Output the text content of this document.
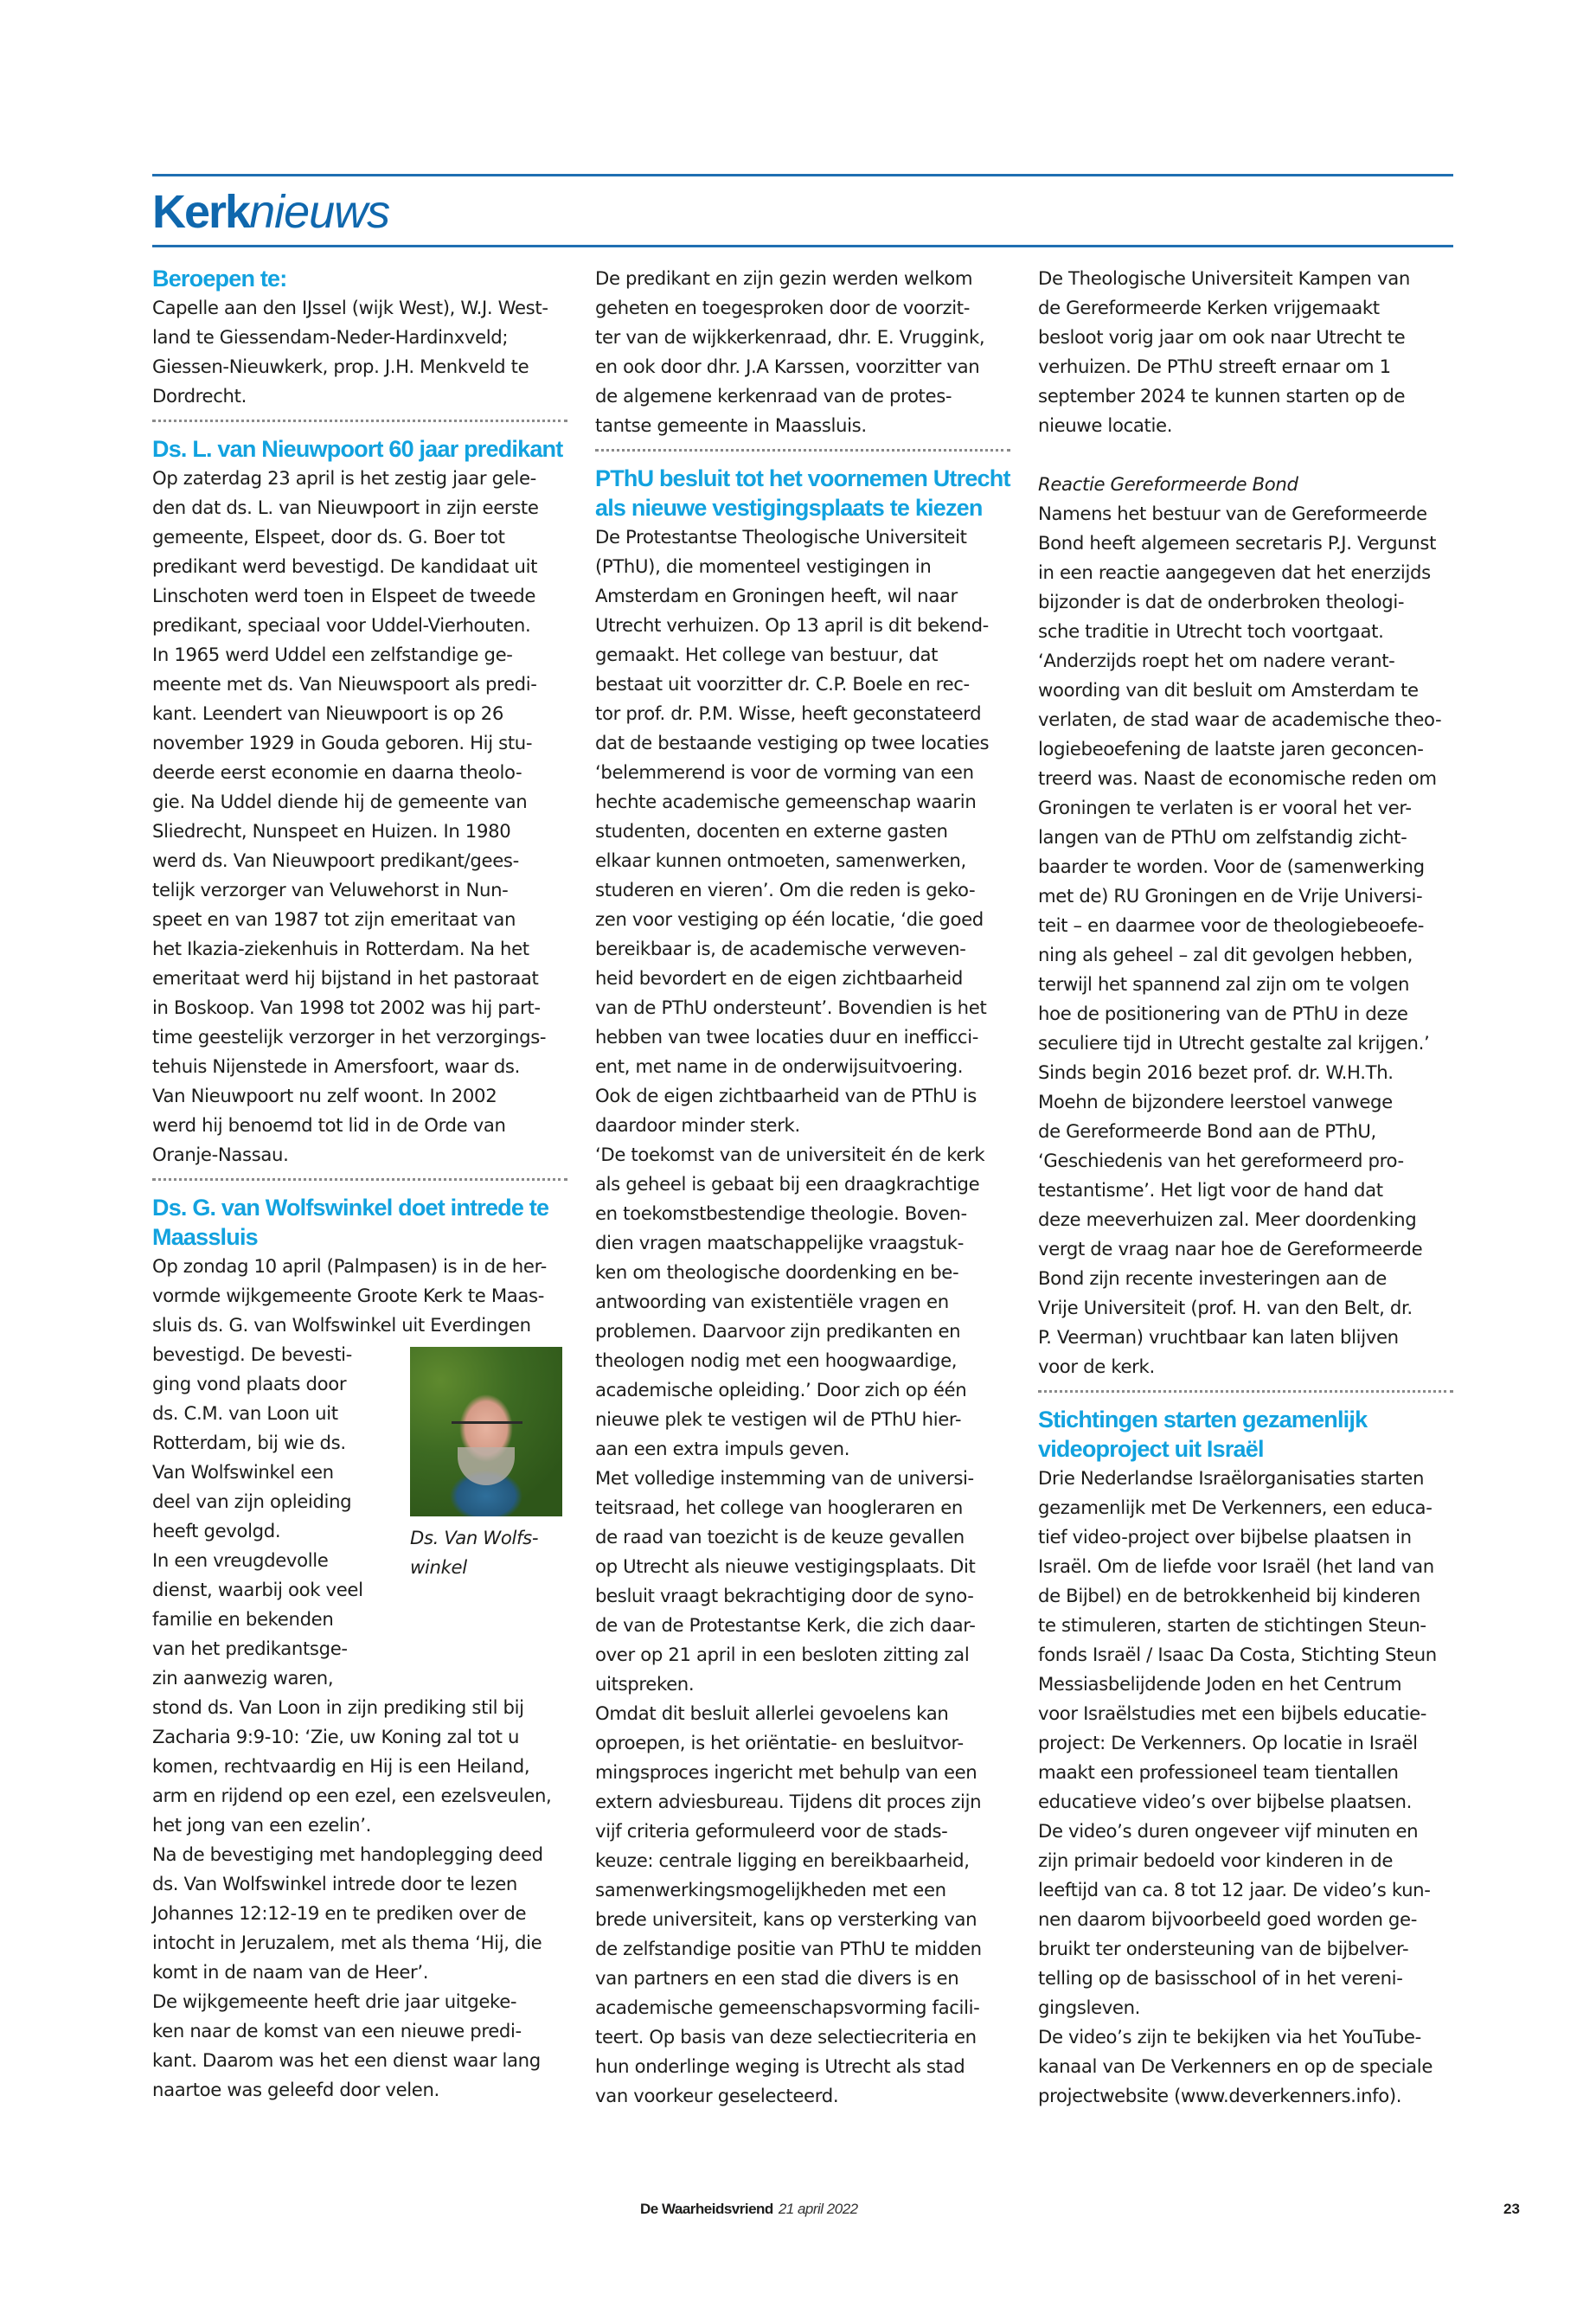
Kerknieuws
Beroepen te:
Capelle aan den IJssel (wijk West), W.J. West-
land te Giessendam-Neder-Hardinxveld;
Giessen-Nieuwkerk, prop. J.H. Menkveld te
Dordrecht.
Ds. L. van Nieuwpoort 60 jaar predikant
Op zaterdag 23 april is het zestig jaar gele-
den dat ds. L. van Nieuwpoort in zijn eerste
gemeente, Elspeet, door ds. G. Boer tot
predikant werd bevestigd. De kandidaat uit
Linschoten werd toen in Elspeet de tweede
predikant, speciaal voor Uddel-Vierhouten.
In 1965 werd Uddel een zelfstandige ge-
meente met ds. Van Nieuwspoort als predi-
kant. Leendert van Nieuwpoort is op 26
november 1929 in Gouda geboren. Hij stu-
deerde eerst economie en daarna theolo-
gie. Na Uddel diende hij de gemeente van
Sliedrecht, Nunspeet en Huizen. In 1980
werd ds. Van Nieuwpoort predikant/gees-
telijk verzorger van Veluwehorst in Nun-
speet en van 1987 tot zijn emeritaat van
het Ikazia-ziekenhuis in Rotterdam. Na het
emeritaat werd hij bijstand in het pastoraat
in Boskoop. Van 1998 tot 2002 was hij part-
time geestelijk verzorger in het verzorgings-
tehuis Nijenstede in Amersfoort, waar ds.
Van Nieuwpoort nu zelf woont. In 2002
werd hij benoemd tot lid in de Orde van
Oranje-Nassau.
Ds. G. van Wolfswinkel doet intrede te
Maassluis
Op zondag 10 april (Palmpasen) is in de her-
vormde wijkgemeente Groote Kerk te Maas-
sluis ds. G. van Wolfswinkel uit Everdingen
bevestigd. De bevesti-
ging vond plaats door
ds. C.M. van Loon uit
Rotterdam, bij wie ds.
Van Wolfswinkel een
deel van zijn opleiding
heeft gevolgd.
In een vreugdevolle
dienst, waarbij ook veel
familie en bekenden
van het predikantsge-
zin aanwezig waren,
Ds. Van Wolfs-
winkel
stond ds. Van Loon in zijn prediking stil bij
Zacharia 9:9-10: ‘Zie, uw Koning zal tot u
komen, rechtvaardig en Hij is een Heiland,
arm en rijdend op een ezel, een ezelsveulen,
het jong van een ezelin’.
Na de bevestiging met handoplegging deed
ds. Van Wolfswinkel intrede door te lezen
Johannes 12:12-19 en te prediken over de
intocht in Jeruzalem, met als thema ‘Hij, die
komt in de naam van de Heer’.
De wijkgemeente heeft drie jaar uitgeke-
ken naar de komst van een nieuwe predi-
kant. Daarom was het een dienst waar lang
naartoe was geleefd door velen.
De predikant en zijn gezin werden welkom
geheten en toegesproken door de voorzit-
ter van de wijkkerkenraad, dhr. E. Vruggink,
en ook door dhr. J.A Karssen, voorzitter van
de algemene kerkenraad van de protes-
tantse gemeente in Maassluis.
PThU besluit tot het voornemen Utrecht
als nieuwe vestigingsplaats te kiezen
De Protestantse Theologische Universiteit
(PThU), die momenteel vestigingen in
Amsterdam en Groningen heeft, wil naar
Utrecht verhuizen. Op 13 april is dit bekend-
gemaakt. Het college van bestuur, dat
bestaat uit voorzitter dr. C.P. Boele en rec-
tor prof. dr. P.M. Wisse, heeft geconstateerd
dat de bestaande vestiging op twee locaties
‘belemmerend is voor de vorming van een
hechte academische gemeenschap waarin
studenten, docenten en externe gasten
elkaar kunnen ontmoeten, samenwerken,
studeren en vieren’. Om die reden is geko-
zen voor vestiging op één locatie, ‘die goed
bereikbaar is, de academische verweven-
heid bevordert en de eigen zichtbaarheid
van de PThU ondersteunt’. Bovendien is het
hebben van twee locaties duur en inefficci-
ent, met name in de onderwijsuitvoering.
Ook de eigen zichtbaarheid van de PThU is
daardoor minder sterk.
‘De toekomst van de universiteit én de kerk
als geheel is gebaat bij een draagkrachtige
en toekomstbestendige theologie. Boven-
dien vragen maatschappelijke vraagstuk-
ken om theologische doordenking en be-
antwoording van existentiële vragen en
problemen. Daarvoor zijn predikanten en
theologen nodig met een hoogwaardige,
academische opleiding.’ Door zich op één
nieuwe plek te vestigen wil de PThU hier-
aan een extra impuls geven.
Met volledige instemming van de universi-
teitsraad, het college van hoogleraren en
de raad van toezicht is de keuze gevallen
op Utrecht als nieuwe vestigingsplaats. Dit
besluit vraagt bekrachtiging door de syno-
de van de Protestantse Kerk, die zich daar-
over op 21 april in een besloten zitting zal
uitspreken.
Omdat dit besluit allerlei gevoelens kan
oproepen, is het oriëntatie- en besluitvor-
mingsproces ingericht met behulp van een
extern adviesbureau. Tijdens dit proces zijn
vijf criteria geformuleerd voor de stads-
keuze: centrale ligging en bereikbaarheid,
samenwerkingsmogelijkheden met een
brede universiteit, kans op versterking van
de zelfstandige positie van PThU te midden
van partners en een stad die divers is en
academische gemeenschapsvorming facili-
teert. Op basis van deze selectiecriteria en
hun onderlinge weging is Utrecht als stad
van voorkeur geselecteerd.
De Theologische Universiteit Kampen van
de Gereformeerde Kerken vrijgemaakt
besloot vorig jaar om ook naar Utrecht te
verhuizen. De PThU streeft ernaar om 1
september 2024 te kunnen starten op de
nieuwe locatie.

Reactie Gereformeerde Bond

Namens het bestuur van de Gereformeerde
Bond heeft algemeen secretaris P.J. Vergunst
in een reactie aangegeven dat het enerzijds
bijzonder is dat de onderbroken theologi-
sche traditie in Utrecht toch voortgaat.
‘Anderzijds roept het om nadere verant-
woording van dit besluit om Amsterdam te
verlaten, de stad waar de academische theo-
logiebeoefening de laatste jaren geconcen-
treerd was. Naast de economische reden om
Groningen te verlaten is er vooral het ver-
langen van de PThU om zelfstandig zicht-
baarder te worden. Voor de (samenwerking
met de) RU Groningen en de Vrije Universi-
teit – en daarmee voor de theologiebeoefe-
ning als geheel – zal dit gevolgen hebben,
terwijl het spannend zal zijn om te volgen
hoe de positionering van de PThU in deze
seculiere tijd in Utrecht gestalte zal krijgen.’
Sinds begin 2016 bezet prof. dr. W.H.Th.
Moehn de bijzondere leerstoel vanwege
de Gereformeerde Bond aan de PThU,
‘Geschiedenis van het gereformeerd pro-
testantisme’. Het ligt voor de hand dat
deze meeverhuizen zal. Meer doordenking
vergt de vraag naar hoe de Gereformeerde
Bond zijn recente investeringen aan de
Vrije Universiteit (prof. H. van den Belt, dr.
P. Veerman) vruchtbaar kan laten blijven
voor de kerk.
Stichtingen starten gezamenlijk
videoproject uit Israël
Drie Nederlandse Israëlorganisaties starten
gezamenlijk met De Verkenners, een educa-
tief video-project over bijbelse plaatsen in
Israël. Om de liefde voor Israël (het land van
de Bijbel) en de betrokkenheid bij kinderen
te stimuleren, starten de stichtingen Steun-
fonds Israël / Isaac Da Costa, Stichting Steun
Messiasbelijdende Joden en het Centrum
voor Israëlstudies met een bijbels educatie-
project: De Verkenners. Op locatie in Israël
maakt een professioneel team tientallen
educatieve video’s over bijbelse plaatsen.
De video’s duren ongeveer vijf minuten en
zijn primair bedoeld voor kinderen in de
leeftijd van ca. 8 tot 12 jaar. De video’s kun-
nen daarom bijvoorbeeld goed worden ge-
bruikt ter ondersteuning van de bijbelver-
telling op de basisschool of in het vereni-
gingsleven.
De video’s zijn te bekijken via het YouTube-
kanaal van De Verkenners en op de speciale
projectwebsite (www.deverkenners.info).
De Waarheidsvriend 21 april 2022	23
